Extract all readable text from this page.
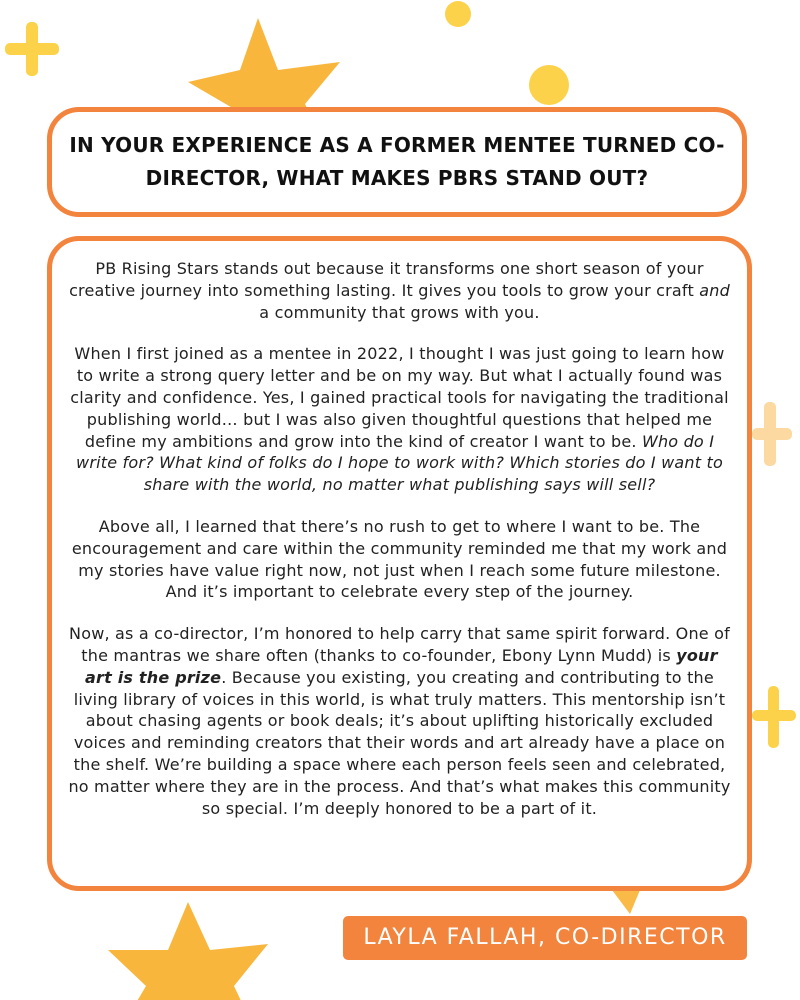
IN YOUR EXPERIENCE AS A FORMER MENTEE TURNED CO-DIRECTOR, WHAT MAKES PBRS STAND OUT?

PB Rising Stars stands out because it transforms one short season of your creative journey into something lasting. It gives you tools to grow your craft and a community that grows with you.

When I first joined as a mentee in 2022, I thought I was just going to learn how to write a strong query letter and be on my way. But what I actually found was clarity and confidence. Yes, I gained practical tools for navigating the traditional publishing world… but I was also given thoughtful questions that helped me define my ambitions and grow into the kind of creator I want to be. Who do I write for? What kind of folks do I hope to work with? Which stories do I want to share with the world, no matter what publishing says will sell?

Above all, I learned that there’s no rush to get to where I want to be. The encouragement and care within the community reminded me that my work and my stories have value right now, not just when I reach some future milestone. And it’s important to celebrate every step of the journey.

Now, as a co-director, I’m honored to help carry that same spirit forward. One of the mantras we share often (thanks to co-founder, Ebony Lynn Mudd) is your art is the prize. Because you existing, you creating and contributing to the living library of voices in this world, is what truly matters. This mentorship isn’t about chasing agents or book deals; it’s about uplifting historically excluded voices and reminding creators that their words and art already have a place on the shelf. We’re building a space where each person feels seen and celebrated, no matter where they are in the process. And that’s what makes this community so special. I’m deeply honored to be a part of it.

LAYLA FALLAH, CO-DIRECTOR
